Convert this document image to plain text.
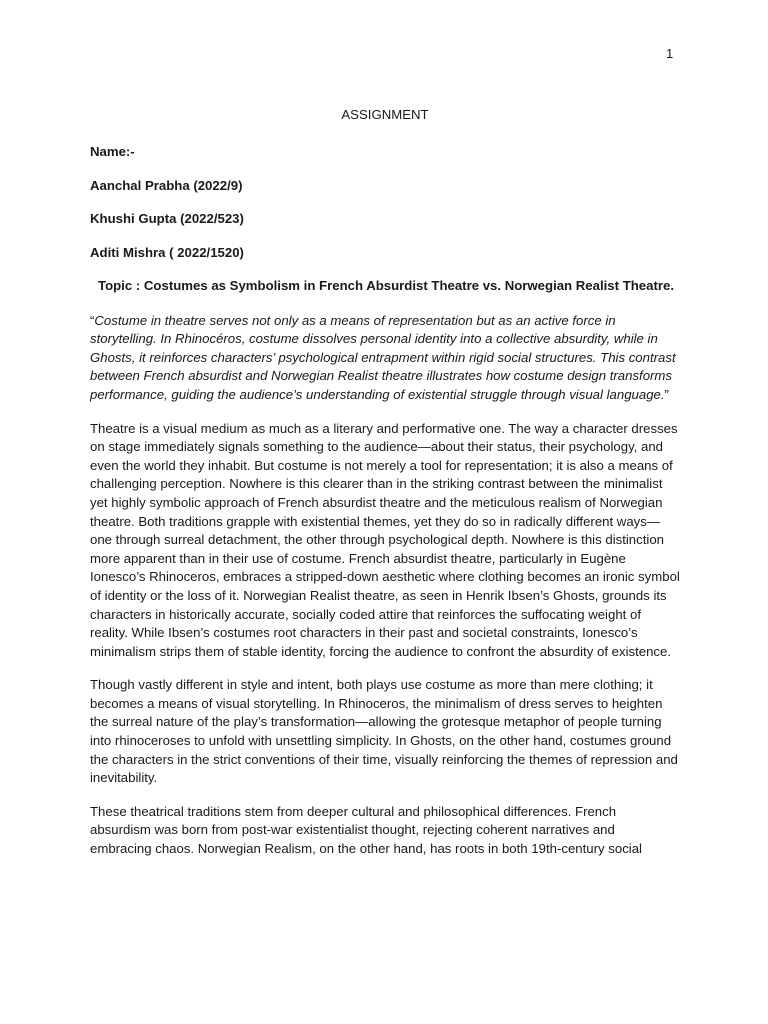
1
ASSIGNMENT
Name:-
Aanchal Prabha (2022/9)
Khushi Gupta (2022/523)
Aditi Mishra ( 2022/1520)
Topic : Costumes as Symbolism in French Absurdist Theatre vs. Norwegian Realist Theatre.

“Costume in theatre serves not only as a means of representation but as an active force in storytelling. In Rhinocéros, costume dissolves personal identity into a collective absurdity, while in Ghosts, it reinforces characters’ psychological entrapment within rigid social structures. This contrast between French absurdist and Norwegian Realist theatre illustrates how costume design transforms performance, guiding the audience’s understanding of existential struggle through visual language.”

Theatre is a visual medium as much as a literary and performative one. The way a character dresses on stage immediately signals something to the audience—about their status, their psychology, and even the world they inhabit. But costume is not merely a tool for representation; it is also a means of challenging perception. Nowhere is this clearer than in the striking contrast between the minimalist yet highly symbolic approach of French absurdist theatre and the meticulous realism of Norwegian theatre. Both traditions grapple with existential themes, yet they do so in radically different ways—one through surreal detachment, the other through psychological depth. Nowhere is this distinction more apparent than in their use of costume. French absurdist theatre, particularly in Eugène Ionesco’s Rhinoceros, embraces a stripped-down aesthetic where clothing becomes an ironic symbol of identity or the loss of it. Norwegian Realist theatre, as seen in Henrik Ibsen’s Ghosts, grounds its characters in historically accurate, socially coded attire that reinforces the suffocating weight of reality. While Ibsen’s costumes root characters in their past and societal constraints, Ionesco’s minimalism strips them of stable identity, forcing the audience to confront the absurdity of existence.

Though vastly different in style and intent, both plays use costume as more than mere clothing; it becomes a means of visual storytelling. In Rhinoceros, the minimalism of dress serves to heighten the surreal nature of the play’s transformation—allowing the grotesque metaphor of people turning into rhinoceroses to unfold with unsettling simplicity. In Ghosts, on the other hand, costumes ground the characters in the strict conventions of their time, visually reinforcing the themes of repression and inevitability.

These theatrical traditions stem from deeper cultural and philosophical differences. French absurdism was born from post-war existentialist thought, rejecting coherent narratives and embracing chaos. Norwegian Realism, on the other hand, has roots in both 19th-century social
